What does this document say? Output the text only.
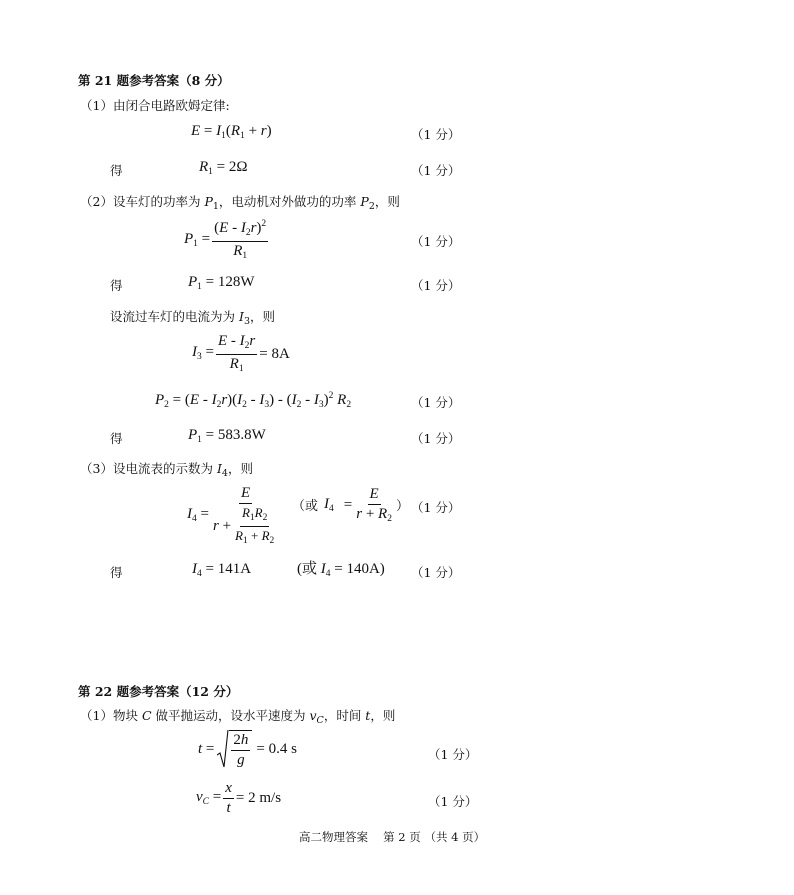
第 21 题参考答案（8 分）
（1）由闭合电路欧姆定律:
$E = I_1(R_1 + r)$	（1 分）
得	$R_1 = 2\Omega$	（1 分）
（2）设车灯的功率为 $P_1$，电动机对外做功的功率 $P_2$，则
$P_1 = \frac{(E - I_2r)^2}{R_1}$	（1 分）
得	$P_1 = 128W$	（1 分）
设流过车灯的电流为为 $I_3$，则
$I_3 = \frac{E - I_2r}{R_1} = 8A$
$P_2 = (E - I_2r)(I_2 - I_3) - (I_2 - I_3)^2$ $R_2$	（1 分）
得	$P_1 = 583.8W$	（1 分）
（3）设电流表的示数为 $I_4$，则
$I_4 = \frac{E}{r + \frac{R_1R_2}{R_1 + R_2}}$ （或 $I_4 = \frac{E}{r + R_2}$ ） （1 分）
得	$I_4 = 141A$	(或 $I_4 = 140A$) （1 分）
第 22 题参考答案（12 分）
（1）物块 C 做平抛运动，设水平速度为 $v_C$，时间 t，则
$t = \frac{2h}{g} = 0.4$ s	（1 分）
$v_C = \frac{x}{t} = 2$ m/s	（1 分）
高二物理答案　 第 2 页 （共 4 页）
